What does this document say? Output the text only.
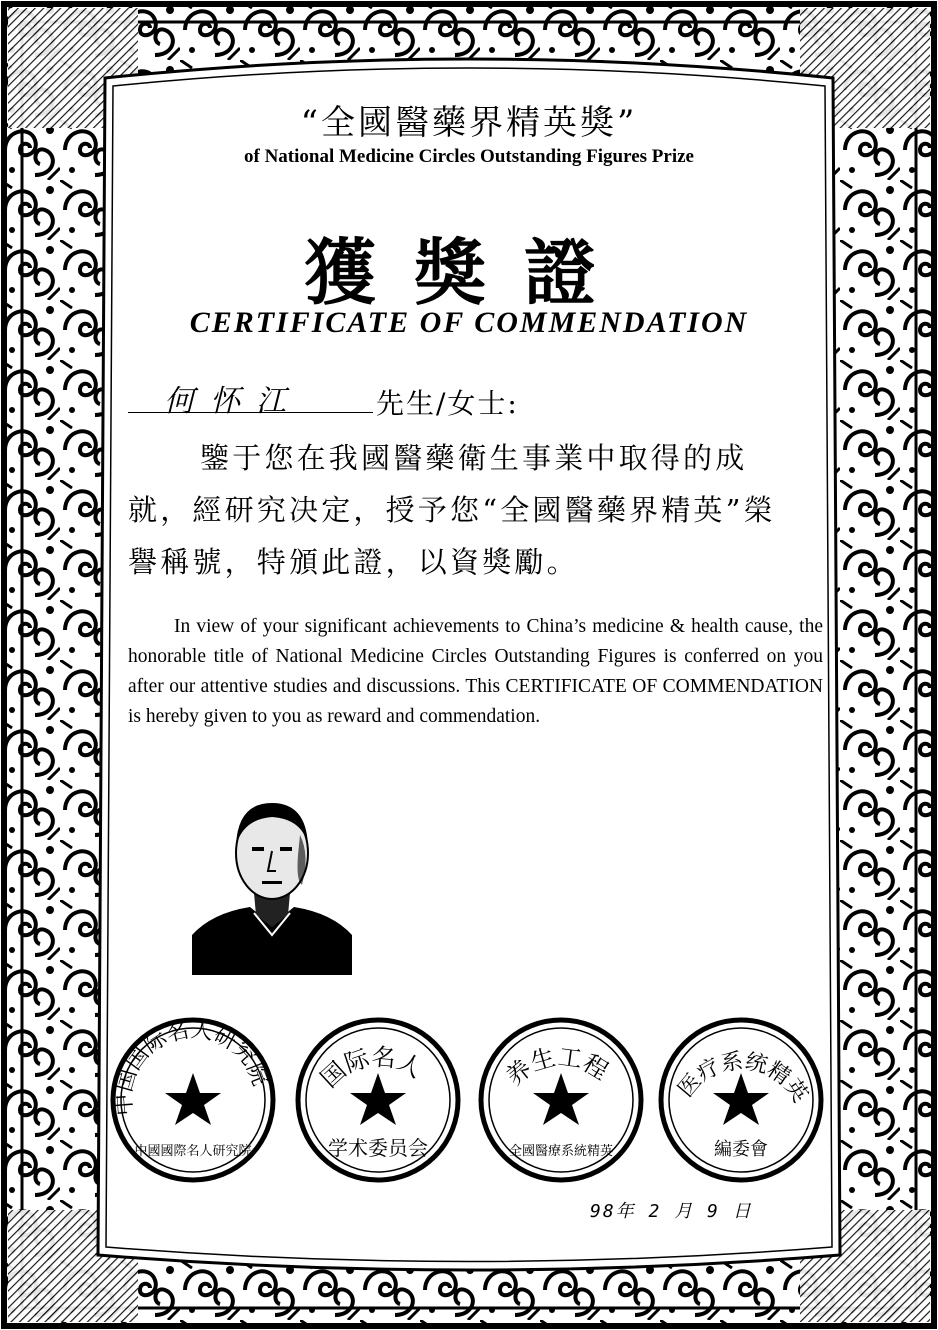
“全國醫藥界精英獎”
of National Medicine Circles Outstanding Figures Prize
獲獎證
CERTIFICATE OF COMMENDATION
何怀江	先生/女士:

鑒于您在我國醫藥衛生事業中取得的成

就，經研究决定，授予您“全國醫藥界精英”榮

譽稱號，特頒此證，以資獎勵。

In view of your significant achievements to China’s medicine & health cause, the honorable title of National Medicine Circles Outstanding Figures is conferred on you after our attentive studies and discussions. This CERTIFICATE OF COMMENDATION is hereby given to you as reward and commendation.
中国国际名人研究院
中國國際名人研究院
国际名人
学术委员会
养生工程
全國醫療系統精英
医疗系统精英
編委會
98年 2 月 9 日
